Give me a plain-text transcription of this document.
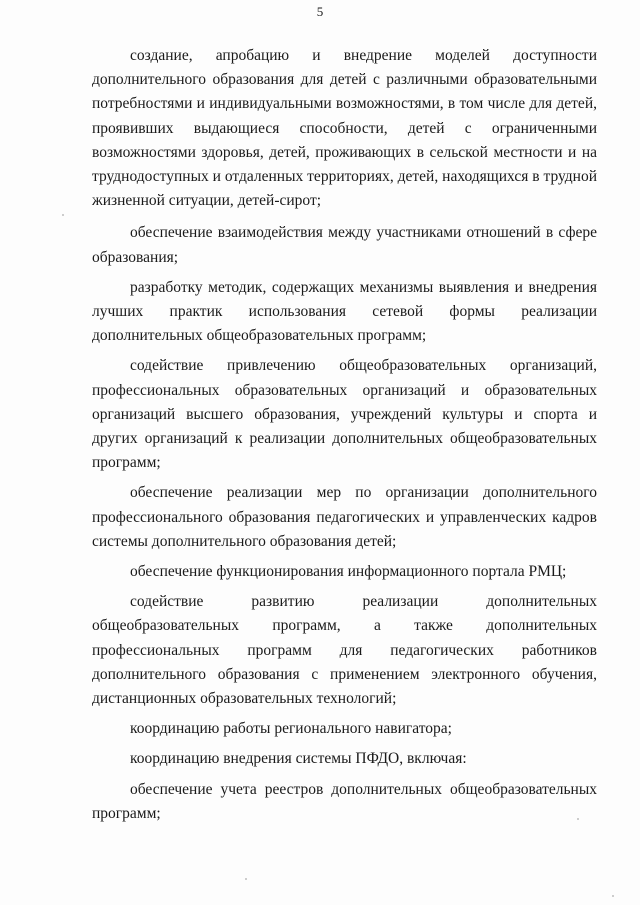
5

создание, апробацию и внедрение моделей доступности дополнительного образования для детей с различными образовательными потребностями и индивидуальными возможностями, в том числе для детей, проявивших выдающиеся способности, детей с ограниченными возможностями здоровья, детей, проживающих в сельской местности и на труднодоступных и отдаленных территориях, детей, находящихся в трудной жизненной ситуации, детей-сирот;

обеспечение взаимодействия между участниками отношений в сфере образования;

разработку методик, содержащих механизмы выявления и внедрения лучших практик использования сетевой формы реализации дополнительных общеобразовательных программ;

содействие привлечению общеобразовательных организаций, профессиональных образовательных организаций и образовательных организаций высшего образования, учреждений культуры и спорта и других организаций к реализации дополнительных общеобразовательных программ;

обеспечение реализации мер по организации дополнительного профессионального образования педагогических и управленческих кадров системы дополнительного образования детей;

обеспечение функционирования информационного портала РМЦ;

содействие развитию реализации дополнительных общеобразовательных программ, а также дополнительных профессиональных программ для педагогических работников дополнительного образования с применением электронного обучения, дистанционных образовательных технологий;

координацию работы регионального навигатора;

координацию внедрения системы ПФДО, включая:

обеспечение учета реестров дополнительных общеобразовательных программ;
